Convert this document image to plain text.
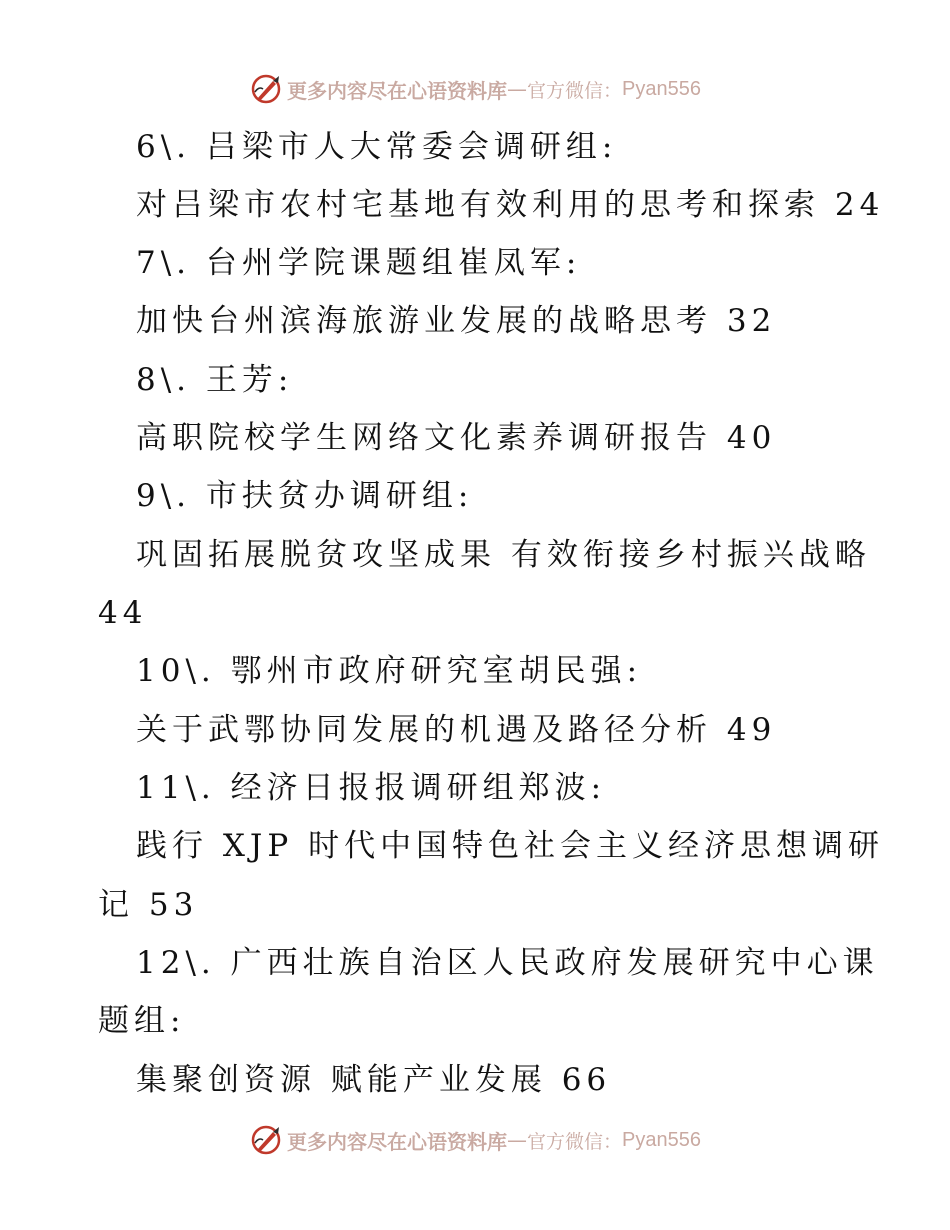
更多内容尽在心语资料库 — 官方微信： Pyan556
6\. 吕梁市人大常委会调研组:
对吕梁市农村宅基地有效利用的思考和探索 24
7\. 台州学院课题组崔凤军:
加快台州滨海旅游业发展的战略思考 32
8\. 王芳:
高职院校学生网络文化素养调研报告 40
9\. 市扶贫办调研组:
巩固拓展脱贫攻坚成果 有效衔接乡村振兴战略
44
10\. 鄂州市政府研究室胡民强:
关于武鄂协同发展的机遇及路径分析 49
11\. 经济日报报调研组郑波:
践行 XJP 时代中国特色社会主义经济思想调研
记 53
12\. 广西壮族自治区人民政府发展研究中心课
题组:
集聚创资源 赋能产业发展 66
更多内容尽在心语资料库 — 官方微信： Pyan556
